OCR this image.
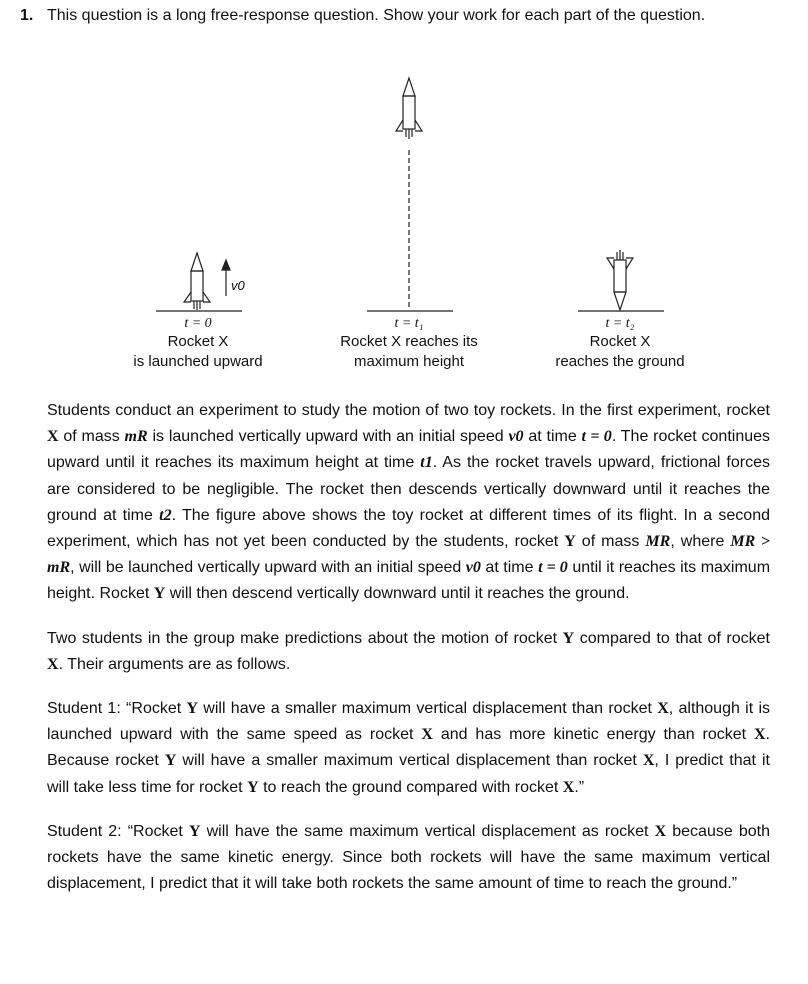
1. This question is a long free-response question. Show your work for each part of the question.
v0
t = 0
Rocket X
is launched upward
t = t₁
Rocket X reaches its
maximum height
t = t₂
Rocket X
reaches the ground

Students conduct an experiment to study the motion of two toy rockets. In the first experiment, rocket X of mass mR is launched vertically upward with an initial speed v0 at time t = 0. The rocket continues upward until it reaches its maximum height at time t1. As the rocket travels upward, frictional forces are considered to be negligible. The rocket then descends vertically downward until it reaches the ground at time t2. The figure above shows the toy rocket at different times of its flight. In a second experiment, which has not yet been conducted by the students, rocket Y of mass MR, where MR > mR, will be launched vertically upward with an initial speed v0 at time t = 0 until it reaches its maximum height. Rocket Y will then descend vertically downward until it reaches the ground.

Two students in the group make predictions about the motion of rocket Y compared to that of rocket X. Their arguments are as follows.

Student 1: “Rocket Y will have a smaller maximum vertical displacement than rocket X, although it is launched upward with the same speed as rocket X and has more kinetic energy than rocket X. Because rocket Y will have a smaller maximum vertical displacement than rocket X, I predict that it will take less time for rocket Y to reach the ground compared with rocket X.”

Student 2: “Rocket Y will have the same maximum vertical displacement as rocket X because both rockets have the same kinetic energy. Since both rockets will have the same maximum vertical displacement, I predict that it will take both rockets the same amount of time to reach the ground.”
